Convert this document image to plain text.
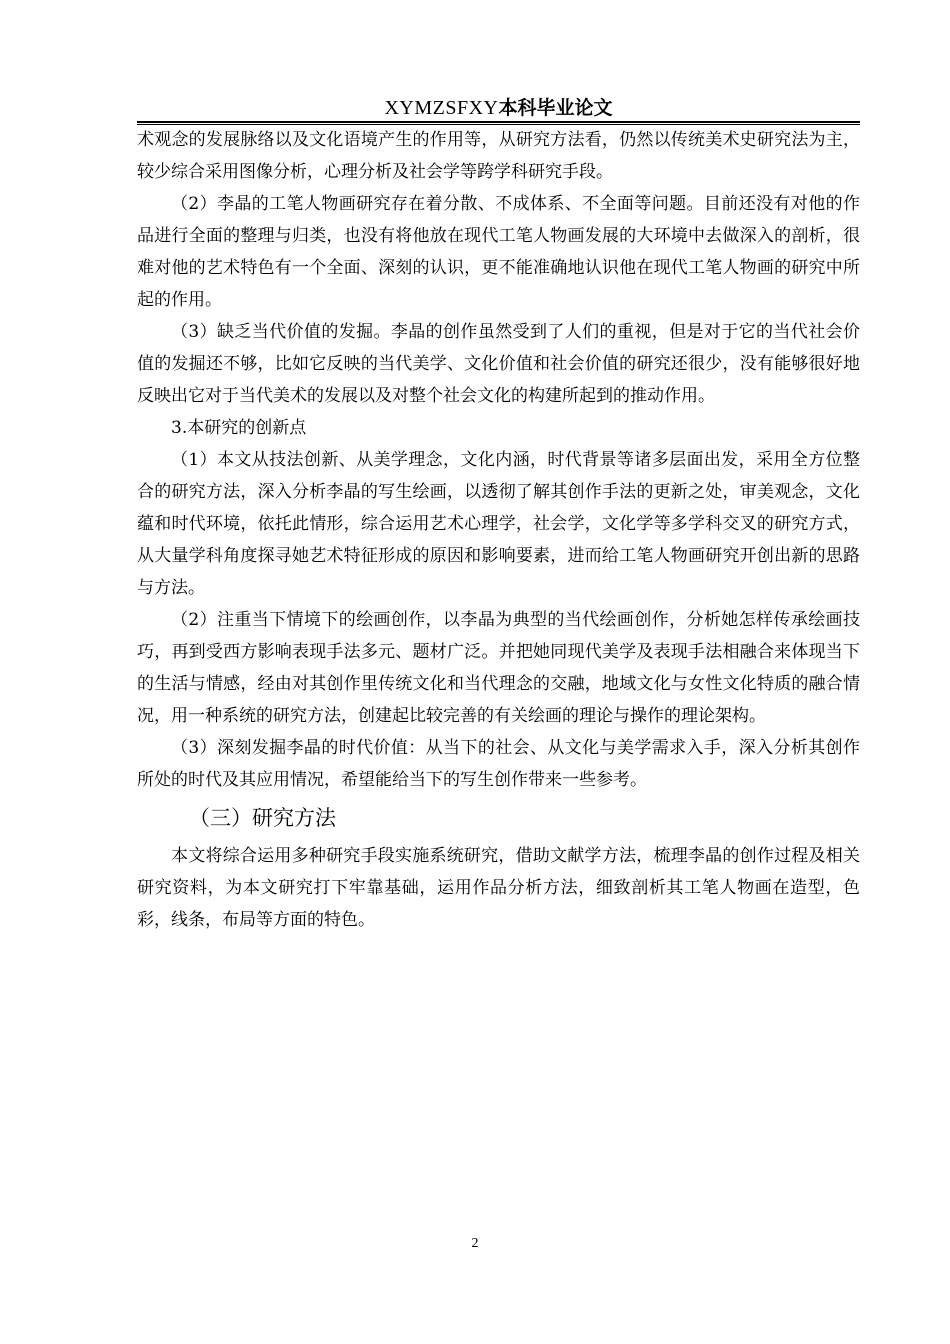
XYMZSFXY本科毕业论文

术观念的发展脉络以及文化语境产生的作用等，从研究方法看，仍然以传统美术史研究法为主，较少综合采用图像分析，心理分析及社会学等跨学科研究手段。

（2）李晶的工笔人物画研究存在着分散、不成体系、不全面等问题。目前还没有对他的作品进行全面的整理与归类，也没有将他放在现代工笔人物画发展的大环境中去做深入的剖析，很难对他的艺术特色有一个全面、深刻的认识，更不能准确地认识他在现代工笔人物画的研究中所起的作用。

（3）缺乏当代价值的发掘。李晶的创作虽然受到了人们的重视，但是对于它的当代社会价值的发掘还不够，比如它反映的当代美学、文化价值和社会价值的研究还很少，没有能够很好地反映出它对于当代美术的发展以及对整个社会文化的构建所起到的推动作用。

3.本研究的创新点

（1）本文从技法创新、从美学理念，文化内涵，时代背景等诸多层面出发，采用全方位整合的研究方法，深入分析李晶的写生绘画，以透彻了解其创作手法的更新之处，审美观念，文化蕴和时代环境，依托此情形，综合运用艺术心理学，社会学，文化学等多学科交叉的研究方式，从大量学科角度探寻她艺术特征形成的原因和影响要素，进而给工笔人物画研究开创出新的思路与方法。

（2）注重当下情境下的绘画创作，以李晶为典型的当代绘画创作，分析她怎样传承绘画技巧，再到受西方影响表现手法多元、题材广泛。并把她同现代美学及表现手法相融合来体现当下的生活与情感，经由对其创作里传统文化和当代理念的交融，地域文化与女性文化特质的融合情况，用一种系统的研究方法，创建起比较完善的有关绘画的理论与操作的理论架构。

（3）深刻发掘李晶的时代价值：从当下的社会、从文化与美学需求入手，深入分析其创作所处的时代及其应用情况，希望能给当下的写生创作带来一些参考。

（三）研究方法

本文将综合运用多种研究手段实施系统研究，借助文献学方法，梳理李晶的创作过程及相关研究资料，为本文研究打下牢靠基础，运用作品分析方法，细致剖析其工笔人物画在造型，色彩，线条，布局等方面的特色。

2
